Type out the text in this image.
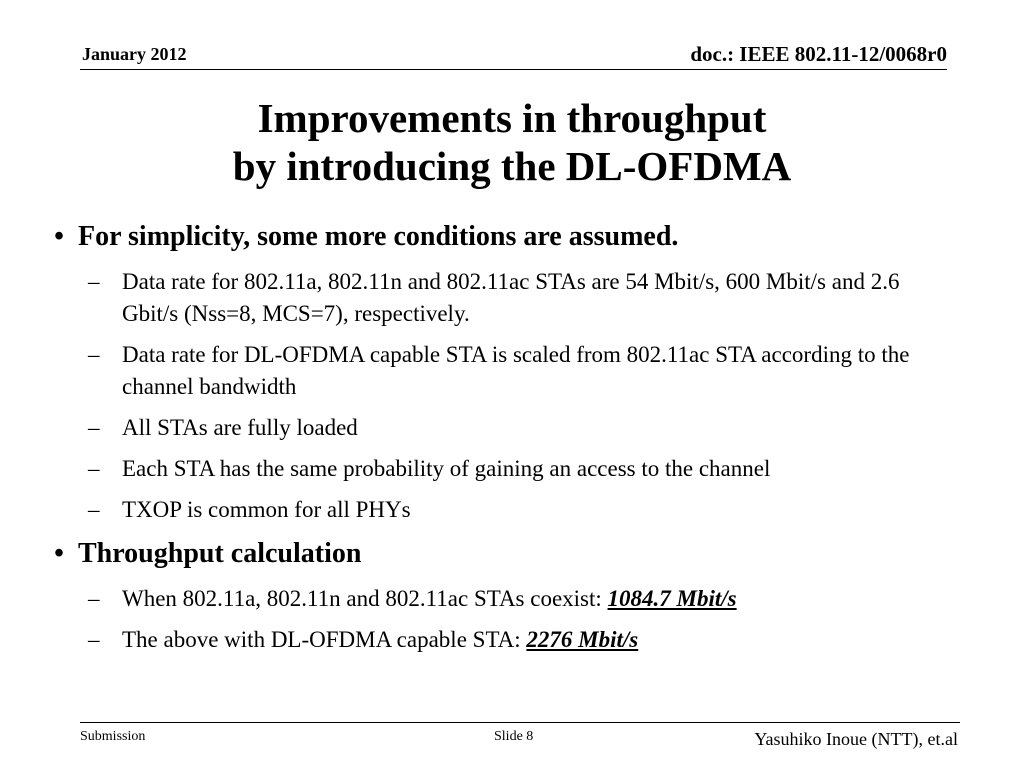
January 2012	doc.: IEEE 802.11-12/0068r0
Improvements in throughput
by introducing the DL-OFDMA
• For simplicity, some more conditions are assumed.
– Data rate for 802.11a, 802.11n and 802.11ac STAs are 54 Mbit/s, 600 Mbit/s and 2.6 Gbit/s (Nss=8, MCS=7), respectively.
– Data rate for DL-OFDMA capable STA is scaled from 802.11ac STA according to the channel bandwidth
– All STAs are fully loaded
– Each STA has the same probability of gaining an access to the channel
– TXOP is common for all PHYs
• Throughput calculation
– When 802.11a, 802.11n and 802.11ac STAs coexist: 1084.7 Mbit/s
– The above with DL-OFDMA capable STA: 2276 Mbit/s
Submission	Slide 8	Yasuhiko Inoue (NTT), et.al
